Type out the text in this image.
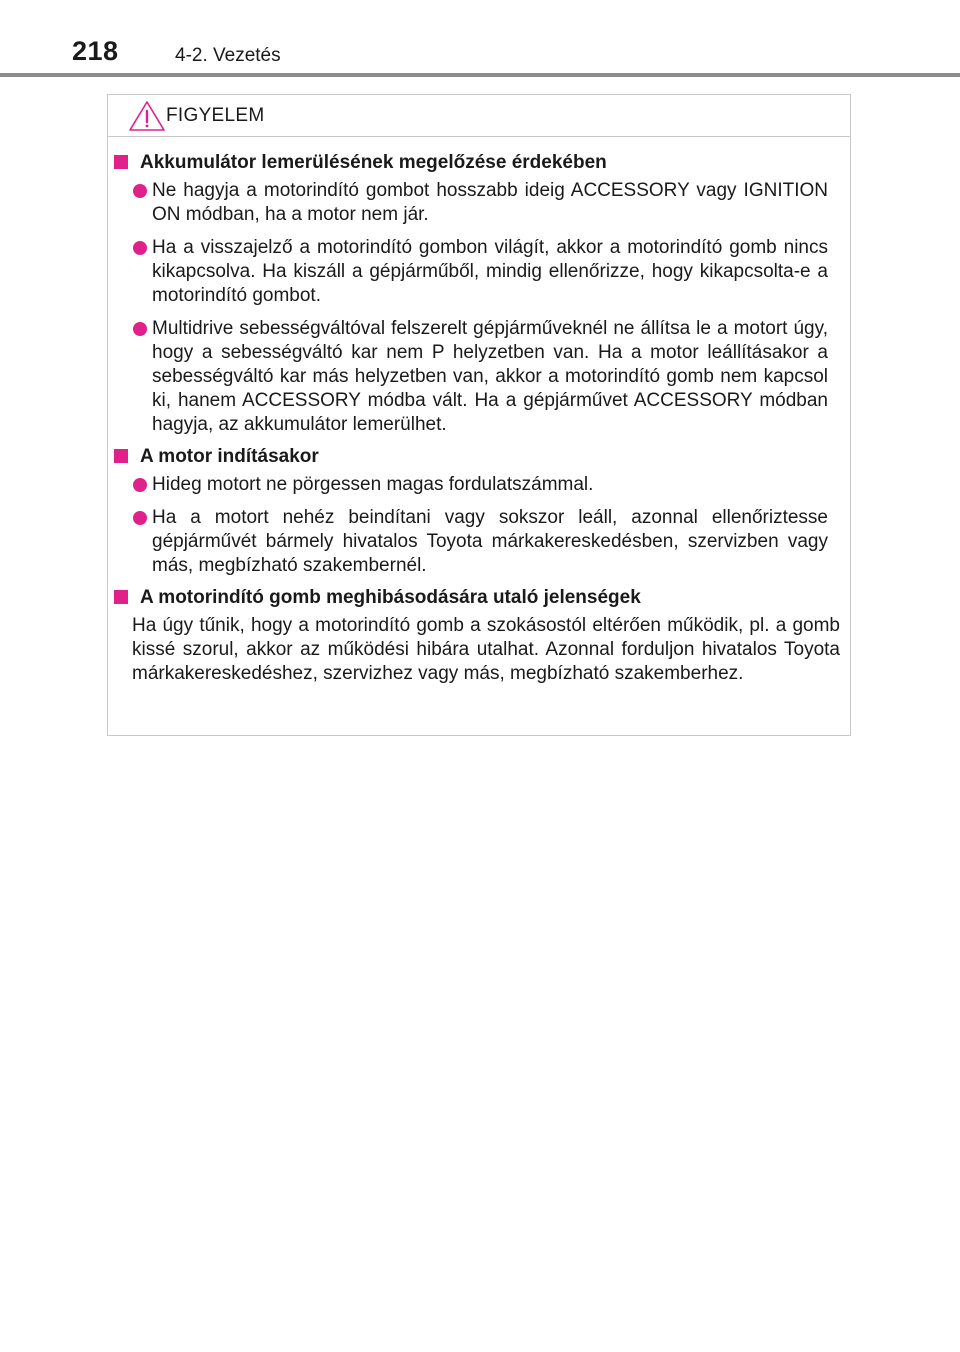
218	4-2. Vezetés
FIGYELEM
Akkumulátor lemerülésének megelőzése érdekében
Ne hagyja a motorindító gombot hosszabb ideig ACCESSORY vagy IGNITION ON módban, ha a motor nem jár.
Ha a visszajelző a motorindító gombon világít, akkor a motorindító gomb nincs kikapcsolva. Ha kiszáll a gépjárműből, mindig ellenőrizze, hogy kikapcsolta-e a motorindító gombot.
Multidrive sebességváltóval felszerelt gépjárműveknél ne állítsa le a motort úgy, hogy a sebességváltó kar nem P helyzetben van. Ha a motor leállításakor a sebességváltó kar más helyzetben van, akkor a motorindító gomb nem kapcsol ki, hanem ACCESSORY módba vált. Ha a gépjárművet ACCESSORY módban hagyja, az akkumulátor lemerülhet.
A motor indításakor
Hideg motort ne pörgessen magas fordulatszámmal.
Ha a motort nehéz beindítani vagy sokszor leáll, azonnal ellenőriztesse gépjárművét bármely hivatalos Toyota márkakereskedésben, szervizben vagy más, megbízható szakembernél.
A motorindító gomb meghibásodására utaló jelenségek
Ha úgy tűnik, hogy a motorindító gomb a szokásostól eltérően működik, pl. a gomb kissé szorul, akkor az működési hibára utalhat. Azonnal forduljon hivatalos Toyota márkakereskedéshez, szervizhez vagy más, megbízható szakemberhez.
